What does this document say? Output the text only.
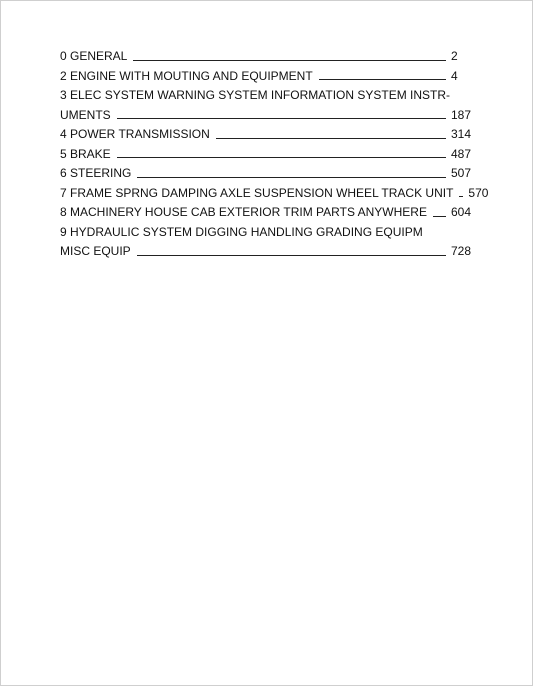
0 GENERAL	2
2 ENGINE WITH MOUTING AND EQUIPMENT	4
3 ELEC SYSTEM WARNING SYSTEM INFORMATION SYSTEM INSTR-
UMENTS	187
4 POWER TRANSMISSION	314
5 BRAKE	487
6 STEERING	507
7 FRAME SPRNG DAMPING AXLE SUSPENSION WHEEL TRACK UNIT 570
8 MACHINERY HOUSE CAB EXTERIOR TRIM PARTS ANYWHERE 604
9 HYDRAULIC SYSTEM DIGGING HANDLING GRADING EQUIPM
MISC EQUIP	728
